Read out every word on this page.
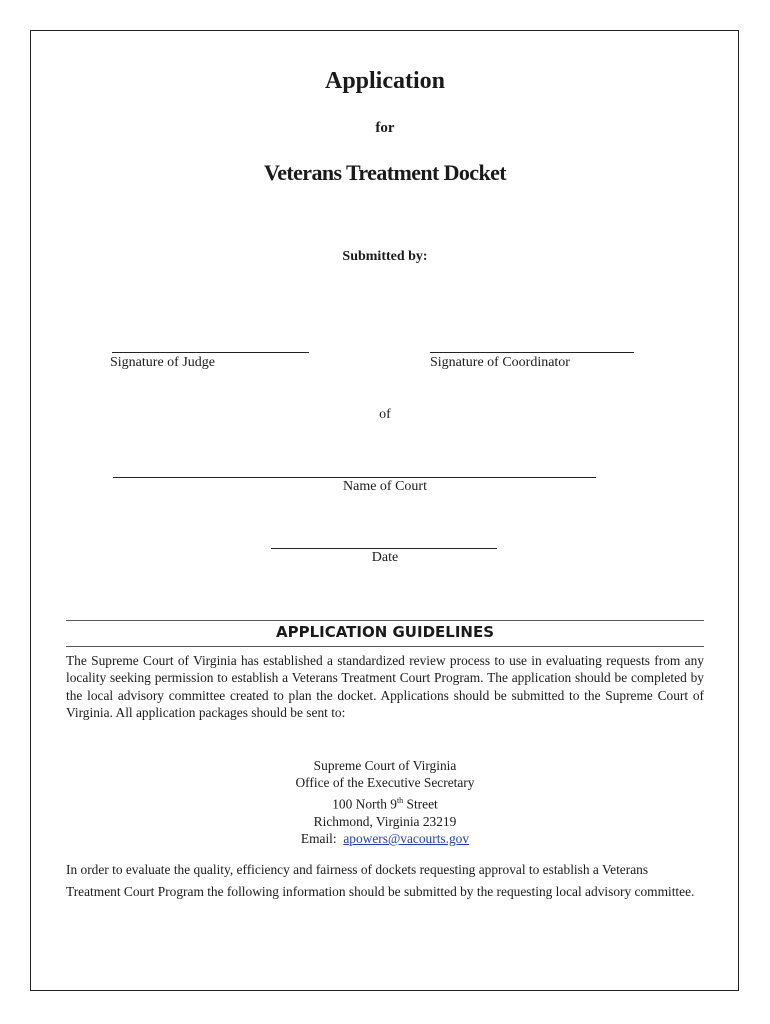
Application
for
Veterans Treatment Docket
Submitted by:
Signature of Judge	Signature of Coordinator
of
Name of Court
Date
APPLICATION GUIDELINES
The Supreme Court of Virginia has established a standardized review process to use in evaluating requests from any locality seeking permission to establish a Veterans Treatment Court Program. The application should be completed by the local advisory committee created to plan the docket. Applications should be submitted to the Supreme Court of Virginia. All application packages should be sent to:
Supreme Court of Virginia
Office of the Executive Secretary
100 North 9th Street
Richmond, Virginia 23219
Email:  apowers@vacourts.gov
In order to evaluate the quality, efficiency and fairness of dockets requesting approval to establish a Veterans Treatment Court Program the following information should be submitted by the requesting local advisory committee.
